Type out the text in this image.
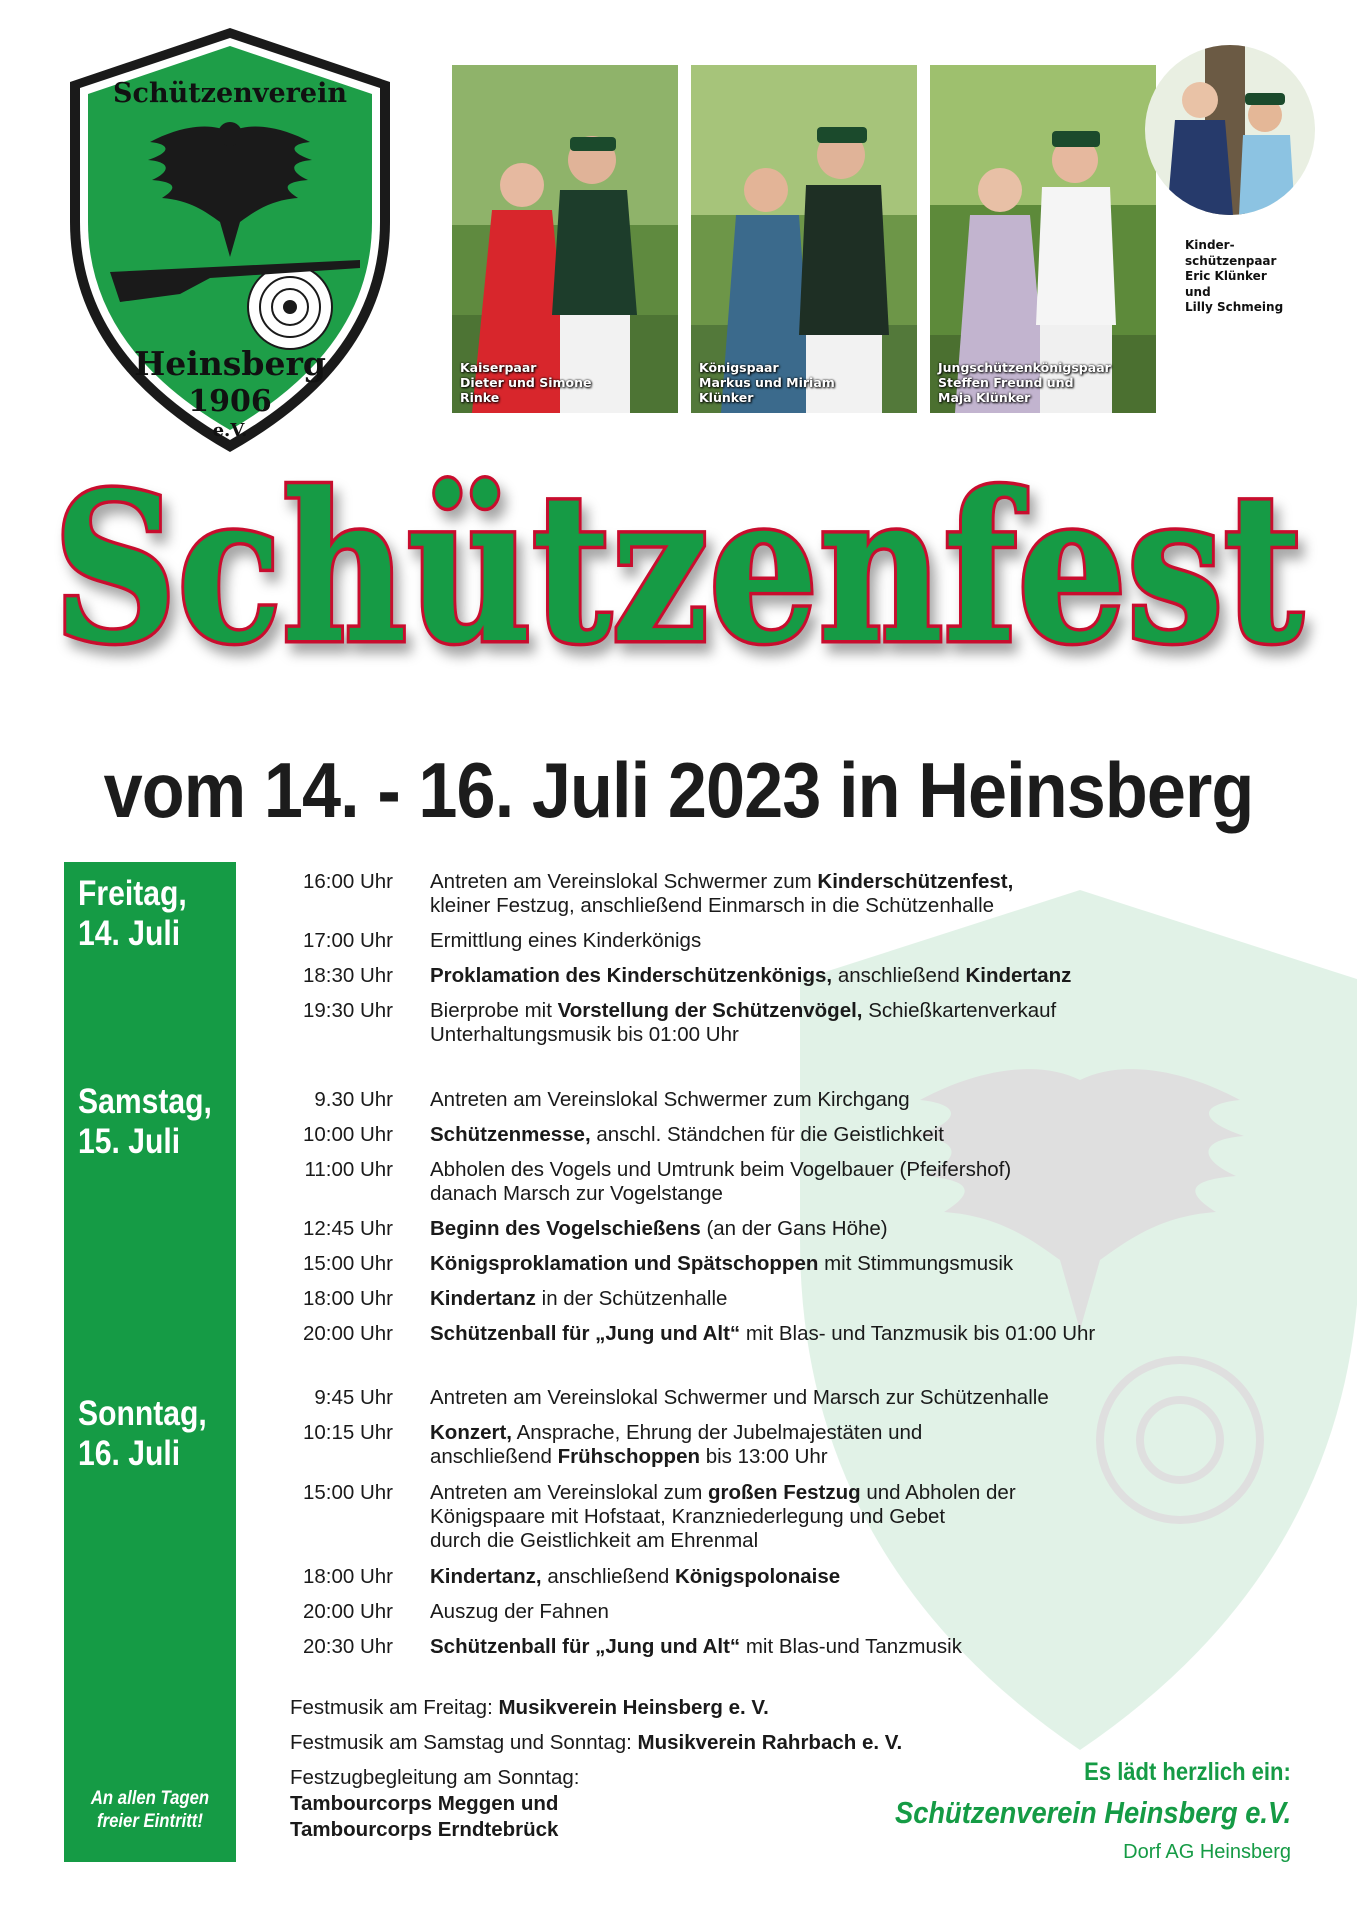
Schützenverein
Heinsberg
1906
e.V.
Kaiserpaar
Dieter und Simone
Rinke
Königspaar
Markus und Miriam
Klünker
Jungschützenkönigspaar
Steffen Freund und
Maja Klünker
Kinder-
schützenpaar
Eric Klünker
und
Lilly Schmeing
Schützenfest
vom 14. - 16. Juli 2023 in Heinsberg
Freitag,
14. Juli
Samstag,
15. Juli
Sonntag,
16. Juli
An allen Tagen
freier Eintritt!
16:00 Uhr Antreten am Vereinslokal Schwermer zum Kinderschützenfest,
kleiner Festzug, anschließend Einmarsch in die Schützenhalle
17:00 Uhr Ermittlung eines Kinderkönigs
18:30 Uhr Proklamation des Kinderschützenkönigs, anschließend Kindertanz
19:30 Uhr Bierprobe mit Vorstellung der Schützenvögel, Schießkartenverkauf
Unterhaltungsmusik bis 01:00 Uhr
9.30 Uhr Antreten am Vereinslokal Schwermer zum Kirchgang
10:00 Uhr Schützenmesse, anschl. Ständchen für die Geistlichkeit
11:00 Uhr Abholen des Vogels und Umtrunk beim Vogelbauer (Pfeifershof)
danach Marsch zur Vogelstange
12:45 Uhr Beginn des Vogelschießens (an der Gans Höhe)
15:00 Uhr Königsproklamation und Spätschoppen mit Stimmungsmusik
18:00 Uhr Kindertanz in der Schützenhalle
20:00 Uhr Schützenball für „Jung und Alt“ mit Blas- und Tanzmusik bis 01:00 Uhr
9:45 Uhr Antreten am Vereinslokal Schwermer und Marsch zur Schützenhalle
10:15 Uhr Konzert, Ansprache, Ehrung der Jubelmajestäten und
anschließend Frühschoppen bis 13:00 Uhr
15:00 Uhr Antreten am Vereinslokal zum großen Festzug und Abholen der
Königspaare mit Hofstaat, Kranzniederlegung und Gebet
durch die Geistlichkeit am Ehrenmal
18:00 Uhr Kindertanz, anschließend Königspolonaise
20:00 Uhr Auszug der Fahnen
20:30 Uhr Schützenball für „Jung und Alt“ mit Blas-und Tanzmusik
Festmusik am Freitag: Musikverein Heinsberg e. V.
Festmusik am Samstag und Sonntag: Musikverein Rahrbach e. V.
Festzugbegleitung am Sonntag:
Tambourcorps Meggen und
Tambourcorps Erndtebrück
Es lädt herzlich ein:
Schützenverein Heinsberg e.V.
Dorf AG Heinsberg
